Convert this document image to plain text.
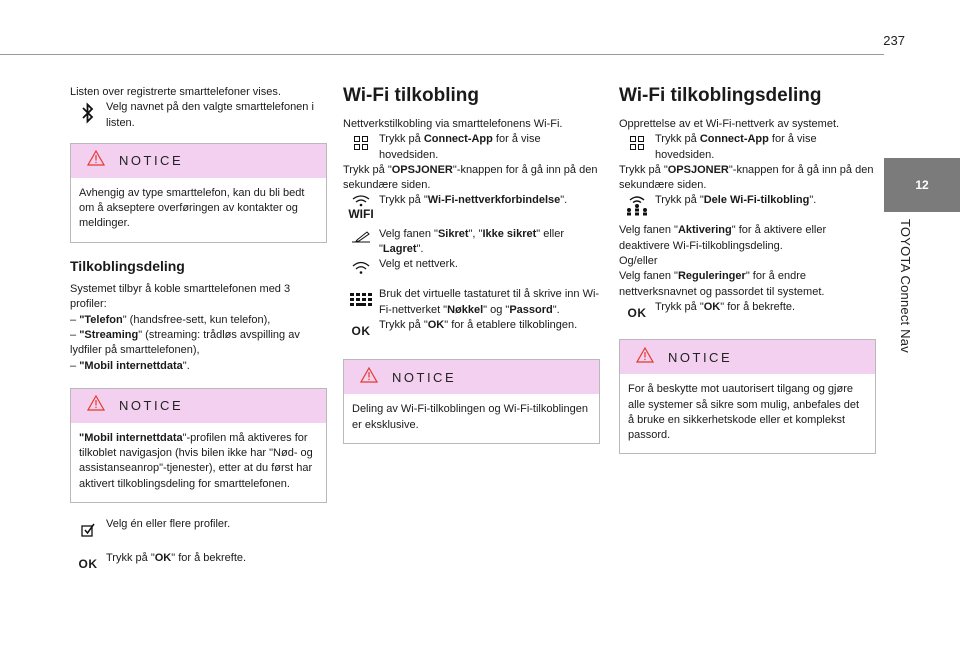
237
12
TOYOTA Connect Nav

Listen over registrerte smarttelefoner vises.

Velg navnet på den valgte smarttelefonen i listen.

NOTICE
Avhengig av type smarttelefon, kan du bli bedt om å akseptere overføringen av kontakter og meldinger.
Tilkoblingsdeling

Systemet tilbyr å koble smarttelefonen med 3 profiler:

– "Telefon" (handsfree-sett, kun telefon),

– "Streaming" (streaming: trådløs avspilling av lydfiler på smarttelefonen),

– "Mobil internettdata".

NOTICE
"Mobil internettdata"-profilen må aktiveres for tilkoblet navigasjon (hvis bilen ikke har "Nød- og assistanseanrop"-tjenester), etter at du først har aktivert tilkoblingsdeling for smarttelefonen.

Velg én eller flere profiler.

OK Trykk på "OK" for å bekrefte.

Wi-Fi tilkobling

Nettverkstilkobling via smarttelefonens Wi-Fi.

Trykk på Connect-App for å vise hovedsiden.

Trykk på "OPSJONER"-knappen for å gå inn på den sekundære siden.

WIFI

Trykk på "Wi-Fi-nettverkforbindelse".

Velg fanen "Sikret", "Ikke sikret" eller "Lagret".

Velg et nettverk.

Bruk det virtuelle tastaturet til å skrive inn Wi-Fi-nettverket "Nøkkel" og "Passord".

OK Trykk på "OK" for å etablere tilkoblingen.

NOTICE
Deling av Wi-Fi-tilkoblingen og Wi-Fi-tilkoblingen er eksklusive.
Wi-Fi tilkoblingsdeling

Opprettelse av et Wi-Fi-nettverk av systemet.

Trykk på Connect-App for å vise hovedsiden.

Trykk på "OPSJONER"-knappen for å gå inn på den sekundære siden.

Trykk på "Dele Wi-Fi-tilkobling".

Velg fanen "Aktivering" for å aktivere eller deaktivere Wi-Fi-tilkoblingsdeling.

Og/eller

Velg fanen "Reguleringer" for å endre nettverksnavnet og passordet til systemet.

OK Trykk på "OK" for å bekrefte.

NOTICE
For å beskytte mot uautorisert tilgang og gjøre alle systemer så sikre som mulig, anbefales det å bruke en sikkerhetskode eller et komplekst passord.
